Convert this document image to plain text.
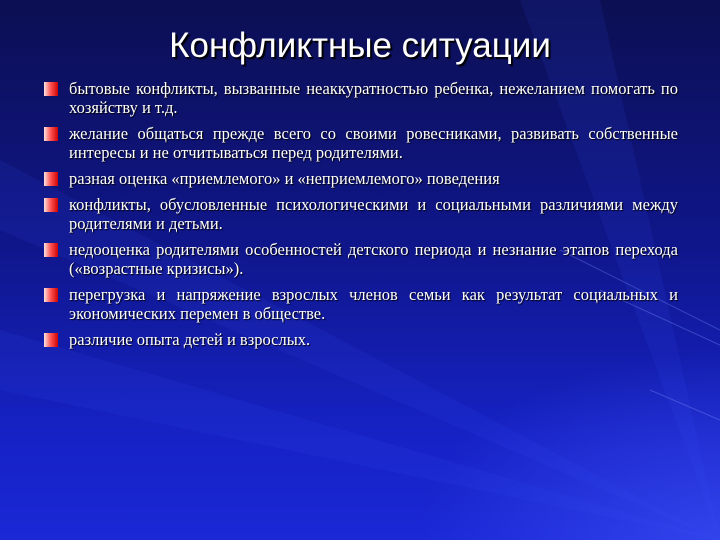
Конфликтные ситуации
бытовые конфликты, вызванные неаккуратностью ребенка, нежеланием помогать по хозяйству и т.д.
желание общаться прежде всего со своими ровесниками, развивать собственные интересы и не отчитываться перед родителями.
разная оценка «приемлемого» и «неприемлемого» поведения
конфликты, обусловленные психологическими и социальными различиями между родителями и детьми.
недооценка родителями особенностей детского периода и незнание этапов перехода («возрастные кризисы»).
перегрузка и напряжение взрослых членов семьи как результат социальных и экономических перемен в обществе.
различие опыта детей и взрослых.
